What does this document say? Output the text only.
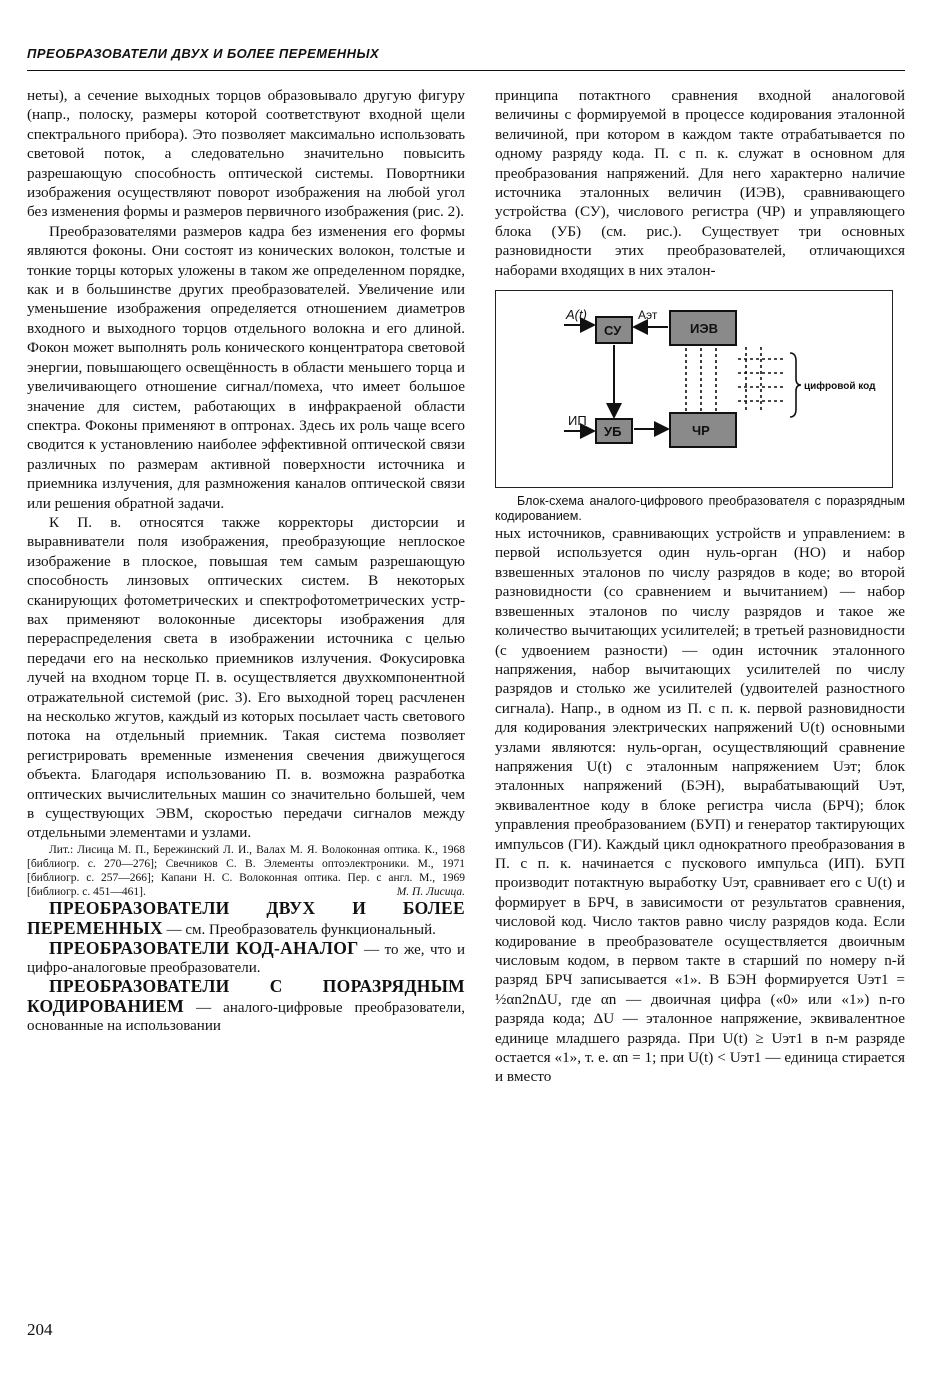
ПРЕОБРАЗОВАТЕЛИ ДВУХ И БОЛЕЕ ПЕРЕМЕННЫХ

неты), а сечение выходных торцов образовывало другую фигуру (напр., полоску, размеры которой соответствуют входной щели спектрального прибора). Это позволяет максимально использовать световой поток, а следовательно значительно повысить разрешающую способность оптической системы. Повортники изображения осуществляют поворот изображения на любой угол без изменения формы и размеров первичного изображения (рис. 2).

Преобразователями размеров кадра без изменения его формы являются фоконы. Они состоят из конических волокон, толстые и тонкие торцы которых уложены в таком же определенном порядке, как и в большинстве других преобразователей. Увеличение или уменьшение изображения определяется отношением диаметров входного и выходного торцов отдельного волокна и его длиной. Фокон может выполнять роль конического концентратора световой энергии, повышающего освещённость в области меньшего торца и увеличивающего отношение сигнал/помеха, что имеет большое значение для систем, работающих в инфракраеной области спектра. Фоконы применяют в оптронах. Здесь их роль чаще всего сводится к установлению наиболее эффективной оптической связи различных по размерам активной поверхности источника и приемника излучения, для размножения каналов оптической связи или решения обратной задачи.

К П. в. относятся также корректоры дисторсии и выравниватели поля изображения, преобразующие неплоское изображение в плоское, повышая тем самым разрешающую способность линзовых оптических систем. В некоторых сканирующих фотометрических и спектрофотометрических устр-вах применяют волоконные дисекторы изображения для перераспределения света в изображении источника с целью передачи его на несколько приемников излучения. Фокусировка лучей на входном торце П. в. осуществляется двухкомпонентной отражательной системой (рис. 3). Его выходной торец расчленен на несколько жгутов, каждый из которых посылает часть светового потока на отдельный приемник. Такая система позволяет регистрировать временные изменения свечения движущегося объекта. Благодаря использованию П. в. возможна разработка оптических вычислительных машин со значительно большей, чем в существующих ЭВМ, скоростью передачи сигналов между отдельными элементами и узлами.

Лит.: Лисица М. П., Бережинский Л. И., Валах М. Я. Волоконная оптика. К., 1968 [библиогр. с. 270—276]; Свечников С. В. Элементы оптоэлектроники. М., 1971 [библиогр. с. 257—266]; Капани Н. С. Волоконная оптика. Пер. с англ. М., 1969 [библиогр. с. 451—461].	М. П. Лисица.

ПРЕОБРАЗОВАТЕЛИ ДВУХ И БОЛЕЕ ПЕРЕМЕННЫХ — см. Преобразователь функциональный.

ПРЕОБРАЗОВАТЕЛИ КОД-АНАЛОГ — то же, что и цифро-аналоговые преобразователи.

ПРЕОБРАЗОВАТЕЛИ С ПОРАЗРЯДНЫМ КОДИРОВАНИЕМ — аналого-цифровые преобразователи, основанные на использовании

принципа потактного сравнения входной аналоговой величины с формируемой в процессе кодирования эталонной величиной, при котором в каждом такте отрабатывается по одному разряду кода. П. с п. к. служат в основном для преобразования напряжений. Для него характерно наличие источника эталонных величин (ИЭВ), сравнивающего устройства (СУ), числового регистра (ЧР) и управляющего блока (УБ) (см. рис.). Существует три основных разновидности этих преобразователей, отличающихся наборами входящих в них эталон-

A(t)	Aэт
ИП
СУ	ИЭВ
УБ	ЧР
цифровой код

Блок-схема аналого-цифрового преобразователя с поразрядным кодированием.

ных источников, сравнивающих устройств и управлением: в первой используется один нуль-орган (НО) и набор взвешенных эталонов по числу разрядов в коде; во второй разновидности (со сравнением и вычитанием) — набор взвешенных эталонов по числу разрядов и такое же количество вычитающих усилителей; в третьей разновидности (с удвоением разности) — один источник эталонного напряжения, набор вычитающих усилителей по числу разрядов и столько же усилителей (удвоителей разностного сигнала). Напр., в одном из П. с п. к. первой разновидности для кодирования электрических напряжений U(t) основными узлами являются: нуль-орган, осуществляющий сравнение напряжения U(t) с эталонным напряжением Uэт; блок эталонных напряжений (БЭН), вырабатывающий Uэт, эквивалентное коду в блоке регистра числа (БРЧ); блок управления преобразованием (БУП) и генератор тактирующих импульсов (ГИ). Каждый цикл однократного преобразования в П. с п. к. начинается с пускового импульса (ИП). БУП производит потактную выработку Uэт, сравнивает его с U(t) и формирует в БРЧ, в зависимости от результатов сравнения, числовой код. Число тактов равно числу разрядов кода. Если кодирование в преобразователе осуществляется двоичным числовым кодом, в первом такте в старший по номеру n-й разряд БРЧ записывается «1». В БЭН формируется Uэт1 = ½αn2nΔU, где αn — двоичная цифра («0» или «1») n-го разряда кода; ΔU — эталонное напряжение, эквивалентное единице младшего разряда. При U(t) ≥ Uэт1 в n-м разряде остается «1», т. е. αn = 1; при U(t) < Uэт1 — единица стирается и вместо

204
